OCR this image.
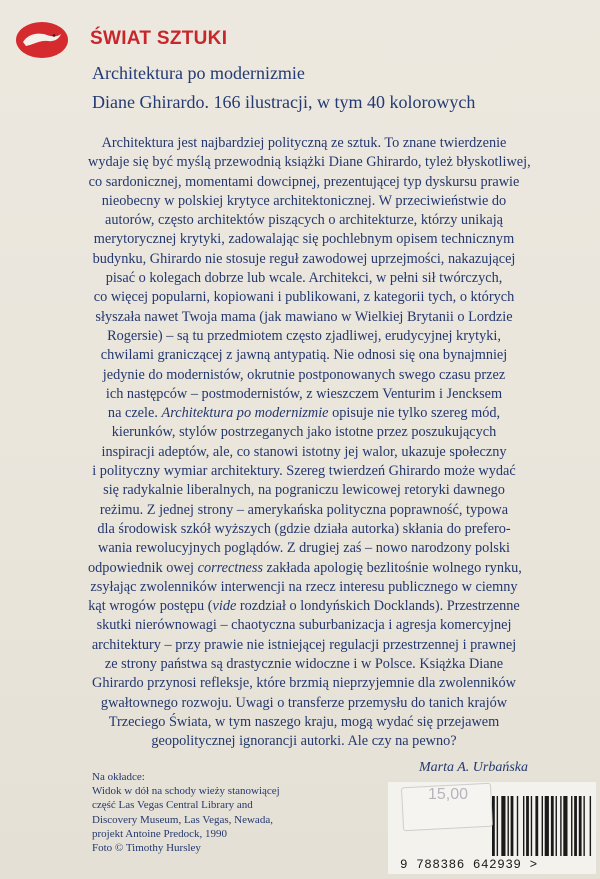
ŚWIAT SZTUKI
Architektura po modernizmie
Diane Ghirardo. 166 ilustracji, w tym 40 kolorowych
Architektura jest najbardziej polityczną ze sztuk. To znane twierdzenie
wydaje się być myślą przewodnią książki Diane Ghirardo, tyleż błyskotliwej,
co sardonicznej, momentami dowcipnej, prezentującej typ dyskursu prawie
nieobecny w polskiej krytyce architektonicznej. W przeciwieństwie do
autorów, często architektów piszących o architekturze, którzy unikają
merytorycznej krytyki, zadowalając się pochlebnym opisem technicznym
budynku, Ghirardo nie stosuje reguł zawodowej uprzejmości, nakazującej
pisać o kolegach dobrze lub wcale. Architekci, w pełni sił twórczych,
co więcej popularni, kopiowani i publikowani, z kategorii tych, o których
słyszała nawet Twoja mama (jak mawiano w Wielkiej Brytanii o Lordzie
Rogersie) – są tu przedmiotem często zjadliwej, erudycyjnej krytyki,
chwilami graniczącej z jawną antypatią. Nie odnosi się ona bynajmniej
jedynie do modernistów, okrutnie postponowanych swego czasu przez
ich następców – postmodernistów, z wieszczem Venturim i Jencksem
na czele. Architektura po modernizmie opisuje nie tylko szereg mód,
kierunków, stylów postrzeganych jako istotne przez poszukujących
inspiracji adeptów, ale, co stanowi istotny jej walor, ukazuje społeczny
i polityczny wymiar architektury. Szereg twierdzeń Ghirardo może wydać
się radykalnie liberalnych, na pograniczu lewicowej retoryki dawnego
reżimu. Z jednej strony – amerykańska polityczna poprawność, typowa
dla środowisk szkół wyższych (gdzie działa autorka) skłania do prefero-
wania rewolucyjnych poglądów. Z drugiej zaś – nowo narodzony polski
odpowiednik owej correctness zakłada apologię bezlitośnie wolnego rynku,
zsyłając zwolenników interwencji na rzecz interesu publicznego w ciemny
kąt wrogów postępu (vide rozdział o londyńskich Docklands). Przestrzenne
skutki nierównowagi – chaotyczna suburbanizacja i agresja komercyjnej
architektury – przy prawie nie istniejącej regulacji przestrzennej i prawnej
ze strony państwa są drastycznie widoczne i w Polsce. Książka Diane
Ghirardo przynosi refleksje, które brzmią nieprzyjemnie dla zwolenników
gwałtownego rozwoju. Uwagi o transferze przemysłu do tanich krajów
Trzeciego Świata, w tym naszego kraju, mogą wydać się przejawem
geopolitycznej ignorancji autorki. Ale czy na pewno?
Marta A. Urbańska
Na okładce:
Widok w dół na schody wieży stanowiącej
część Las Vegas Central Library and
Discovery Museum, Las Vegas, Newada,
projekt Antoine Predock, 1990
Foto © Timothy Hursley
15,00
9 788386 642939 >
